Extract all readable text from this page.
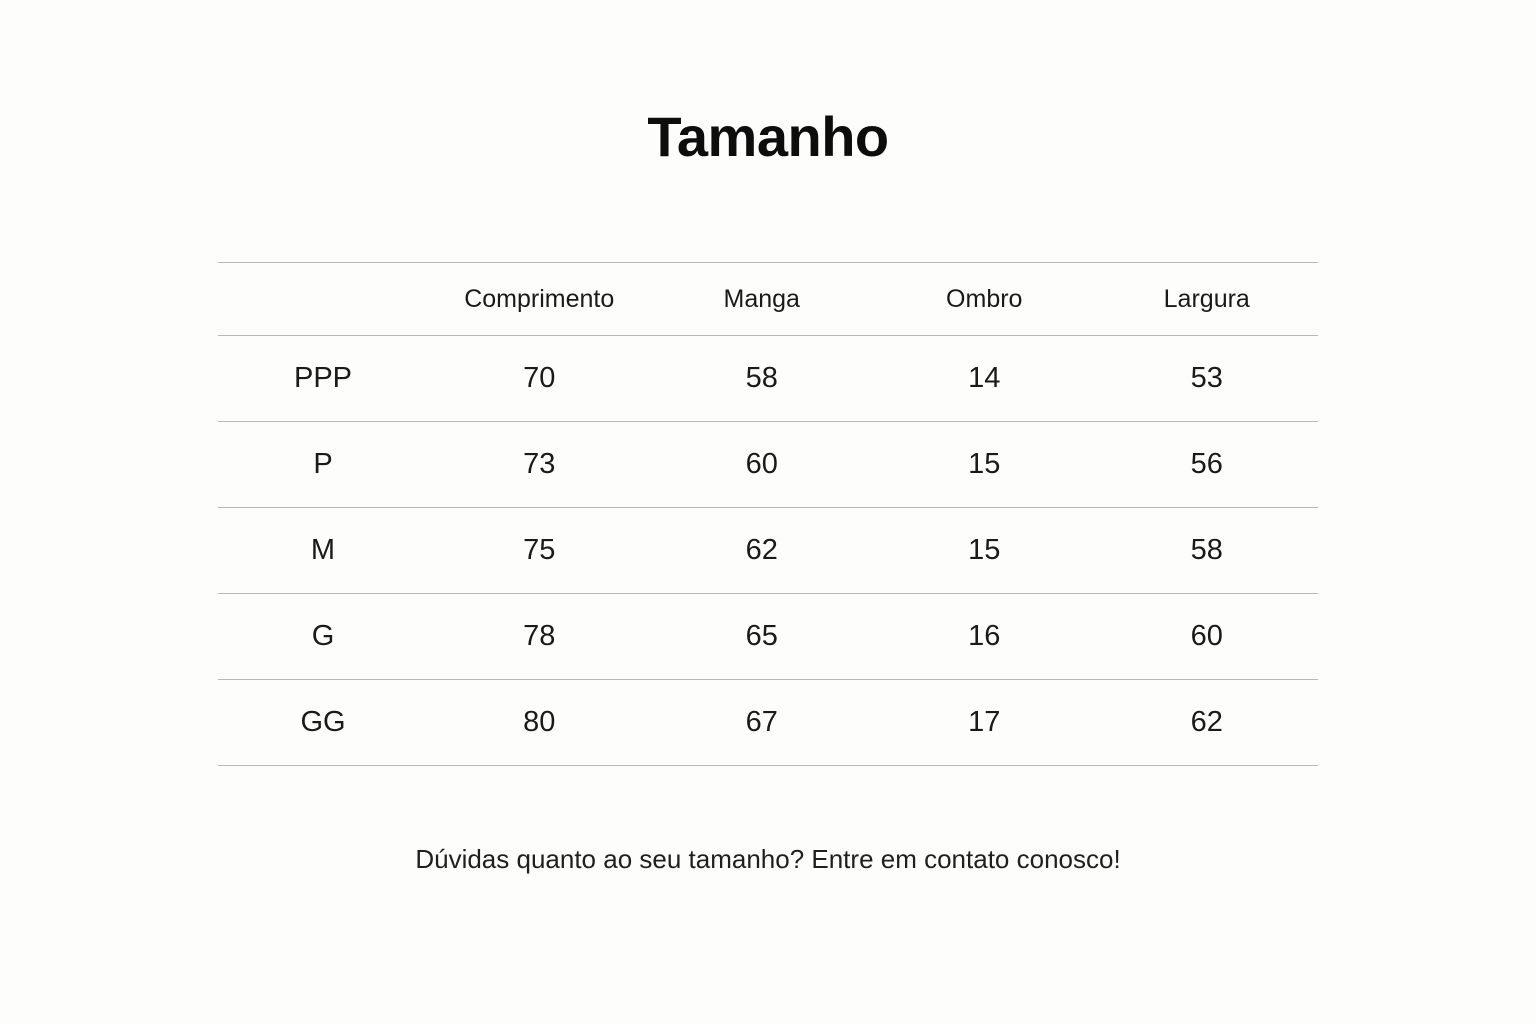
Tamanho
	Comprimento	Manga	Ombro	Largura
PPP	70	58	14	53
P	73	60	15	56
M	75	62	15	58
G	78	65	16	60
GG	80	67	17	62
Dúvidas quanto ao seu tamanho? Entre em contato conosco!
